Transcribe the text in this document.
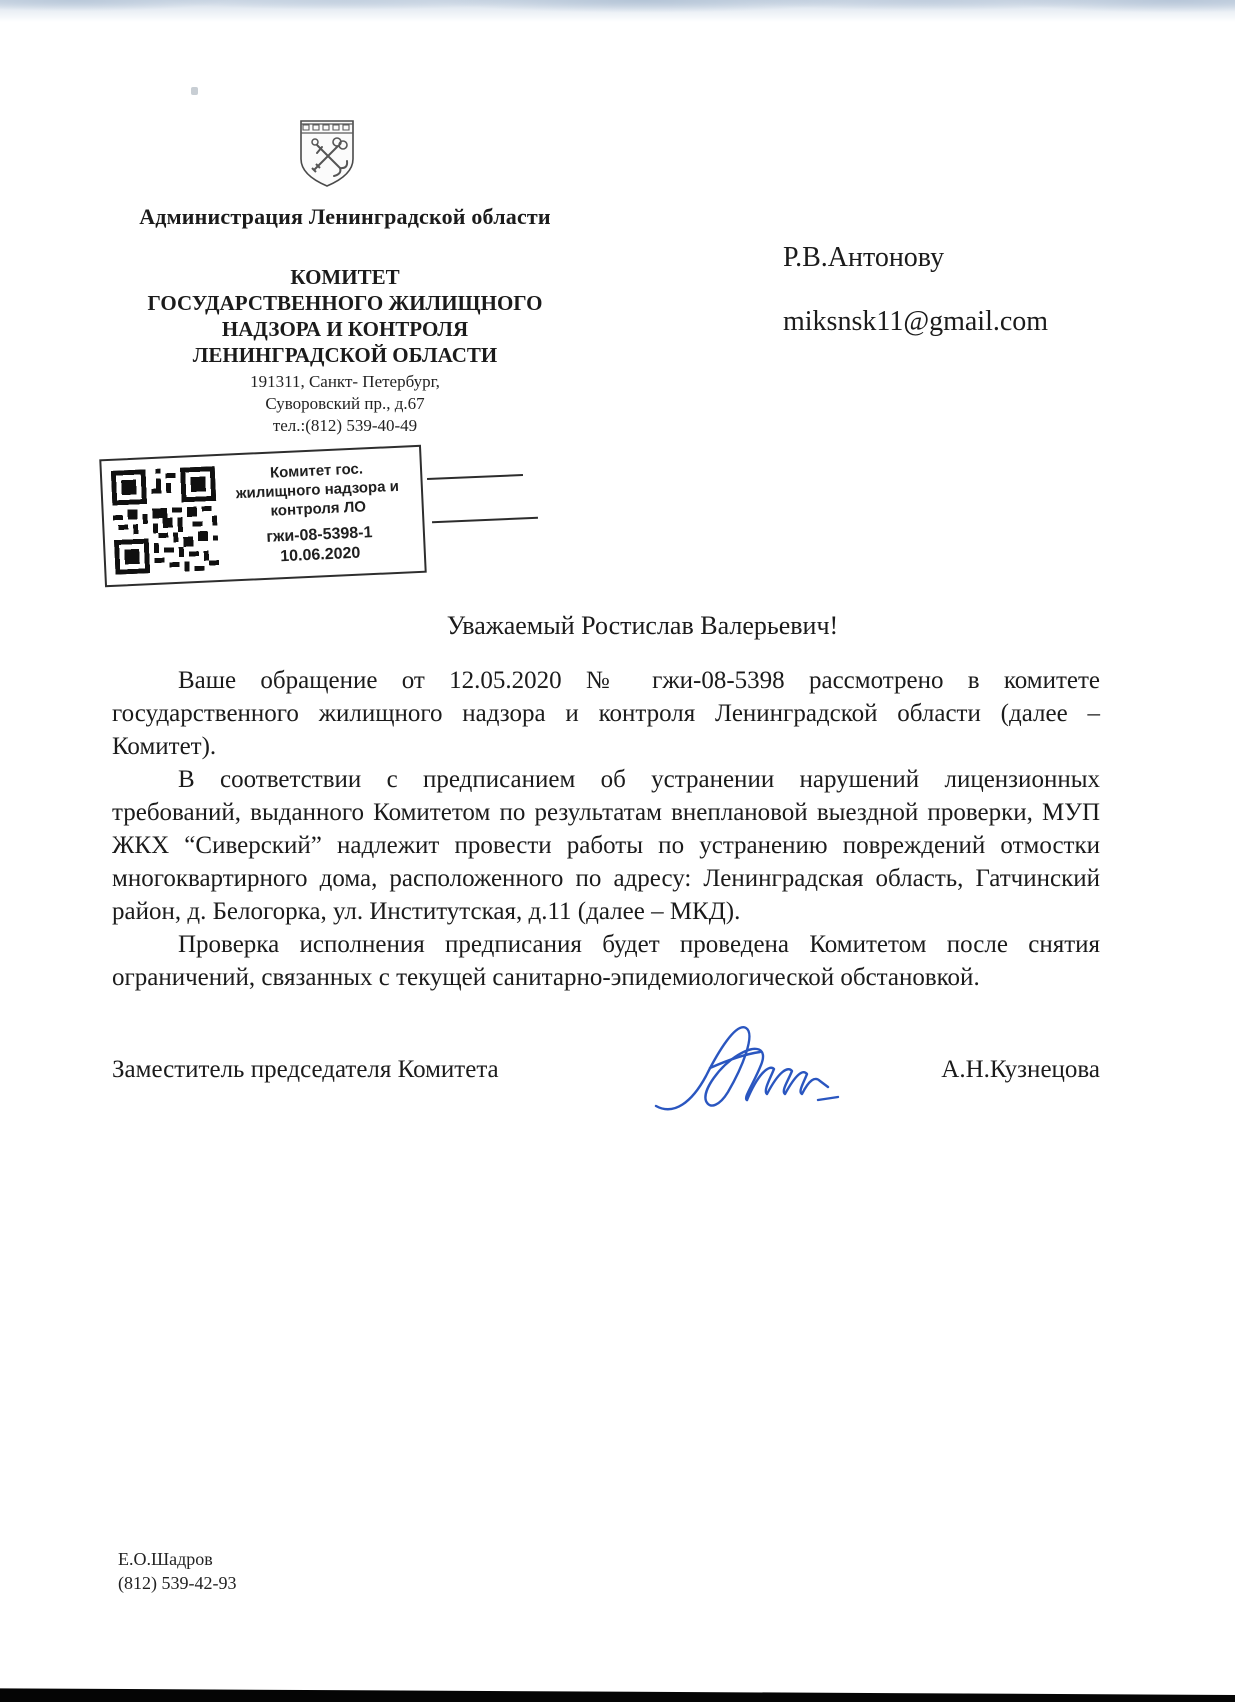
Администрация Ленинградской области
КОМИТЕТ
ГОСУДАРСТВЕННОГО ЖИЛИЩНОГО
НАДЗОРА И КОНТРОЛЯ
ЛЕНИНГРАДСКОЙ ОБЛАСТИ
191311, Санкт- Петербург,
Суворовский пр., д.67
тел.:(812) 539-40-49
Р.В.Антонову
miksnsk11@gmail.com
Комитет гос.
жилищного надзора и
контроля ЛО
гжи-08-5398-1
10.06.2020
Уважаемый Ростислав Валерьевич!

Ваше обращение от 12.05.2020 № гжи-08-5398 рассмотрено в комитете государственного жилищного надзора и контроля Ленинградской области (далее – Комитет).

В соответствии с предписанием об устранении нарушений лицензионных требований, выданного Комитетом по результатам внеплановой выездной проверки, МУП ЖКХ “Сиверский” надлежит провести работы по устранению повреждений отмостки многоквартирного дома, расположенного по адресу: Ленинградская область, Гатчинский район, д. Белогорка, ул. Институтская, д.11 (далее – МКД).

Проверка исполнения предписания будет проведена Комитетом после снятия ограничений, связанных с текущей санитарно-эпидемиологической обстановкой.

Заместитель председателя Комитета	А.Н.Кузнецова
Е.О.Шадров
(812) 539-42-93
